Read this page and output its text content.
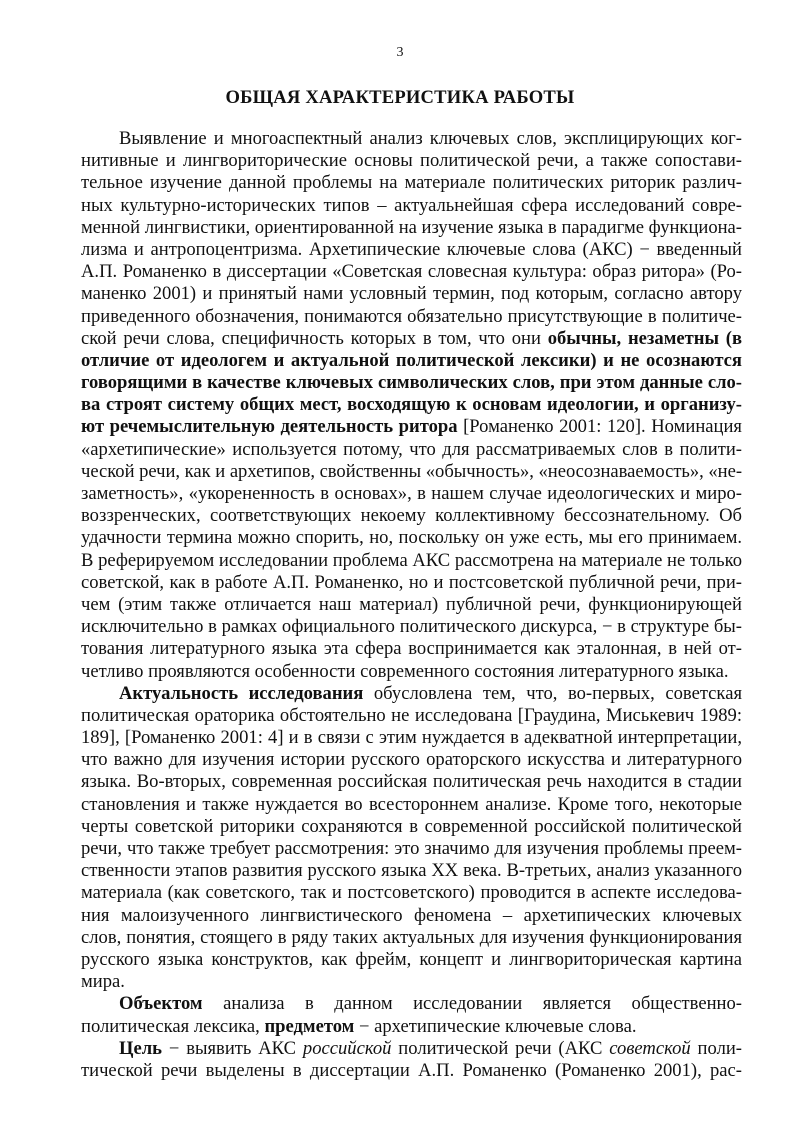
3
ОБЩАЯ ХАРАКТЕРИСТИКА РАБОТЫ
Выявление и многоаспектный анализ ключевых слов, эксплицирующих ког-
нитивные и лингвориторические основы политической речи, а также сопостави-
тельное изучение данной проблемы на материале политических риторик различ-
ных культурно-исторических типов – актуальнейшая сфера исследований совре-
менной лингвистики, ориентированной на изучение языка в парадигме функциона-
лизма и антропоцентризма. Архетипические ключевые слова (АКС) − введенный
А.П. Романенко в диссертации «Советская словесная культура: образ ритора» (Ро-
маненко 2001) и принятый нами условный термин, под которым, согласно автору
приведенного обозначения, понимаются обязательно присутствующие в политиче-
ской речи слова, специфичность которых в том, что они обычны, незаметны (в
отличие от идеологем и актуальной политической лексики) и не осознаются
говорящими в качестве ключевых символических слов, при этом данные сло-
ва строят систему общих мест, восходящую к основам идеологии, и организу-
ют речемыслительную деятельность ритора [Романенко 2001: 120]. Номинация
«архетипические» используется потому, что для рассматриваемых слов в полити-
ческой речи, как и архетипов, свойственны «обычность», «неосознаваемость», «не-
заметность», «укорененность в основах», в нашем случае идеологических и миро-
воззренческих, соответствующих некоему коллективному бессознательному. Об
удачности термина можно спорить, но, поскольку он уже есть, мы его принимаем.
В реферируемом исследовании проблема АКС рассмотрена на материале не только
советской, как в работе А.П. Романенко, но и постсоветской публичной речи, при-
чем (этим также отличается наш материал) публичной речи, функционирующей
исключительно в рамках официального политического дискурса, − в структуре бы-
тования литературного языка эта сфера воспринимается как эталонная, в ней от-
четливо проявляются особенности современного состояния литературного языка.
Актуальность исследования обусловлена тем, что, во-первых, советская
политическая ораторика обстоятельно не исследована [Граудина, Миськевич 1989:
189], [Романенко 2001: 4] и в связи с этим нуждается в адекватной интерпретации,
что важно для изучения истории русского ораторского искусства и литературного
языка. Во-вторых, современная российская политическая речь находится в стадии
становления и также нуждается во всестороннем анализе. Кроме того, некоторые
черты советской риторики сохраняются в современной российской политической
речи, что также требует рассмотрения: это значимо для изучения проблемы преем-
ственности этапов развития русского языка XX века. В-третьих, анализ указанного
материала (как советского, так и постсоветского) проводится в аспекте исследова-
ния малоизученного лингвистического феномена – архетипических ключевых
слов, понятия, стоящего в ряду таких актуальных для изучения функционирования
русского языка конструктов, как фрейм, концепт и лингвориторическая картина
мира.
Объектом анализа в данном исследовании является общественно-
политическая лексика, предметом − архетипические ключевые слова.
Цель − выявить АКС российской политической речи (АКС советской поли-
тической речи выделены в диссертации А.П. Романенко (Романенко 2001), рас-
